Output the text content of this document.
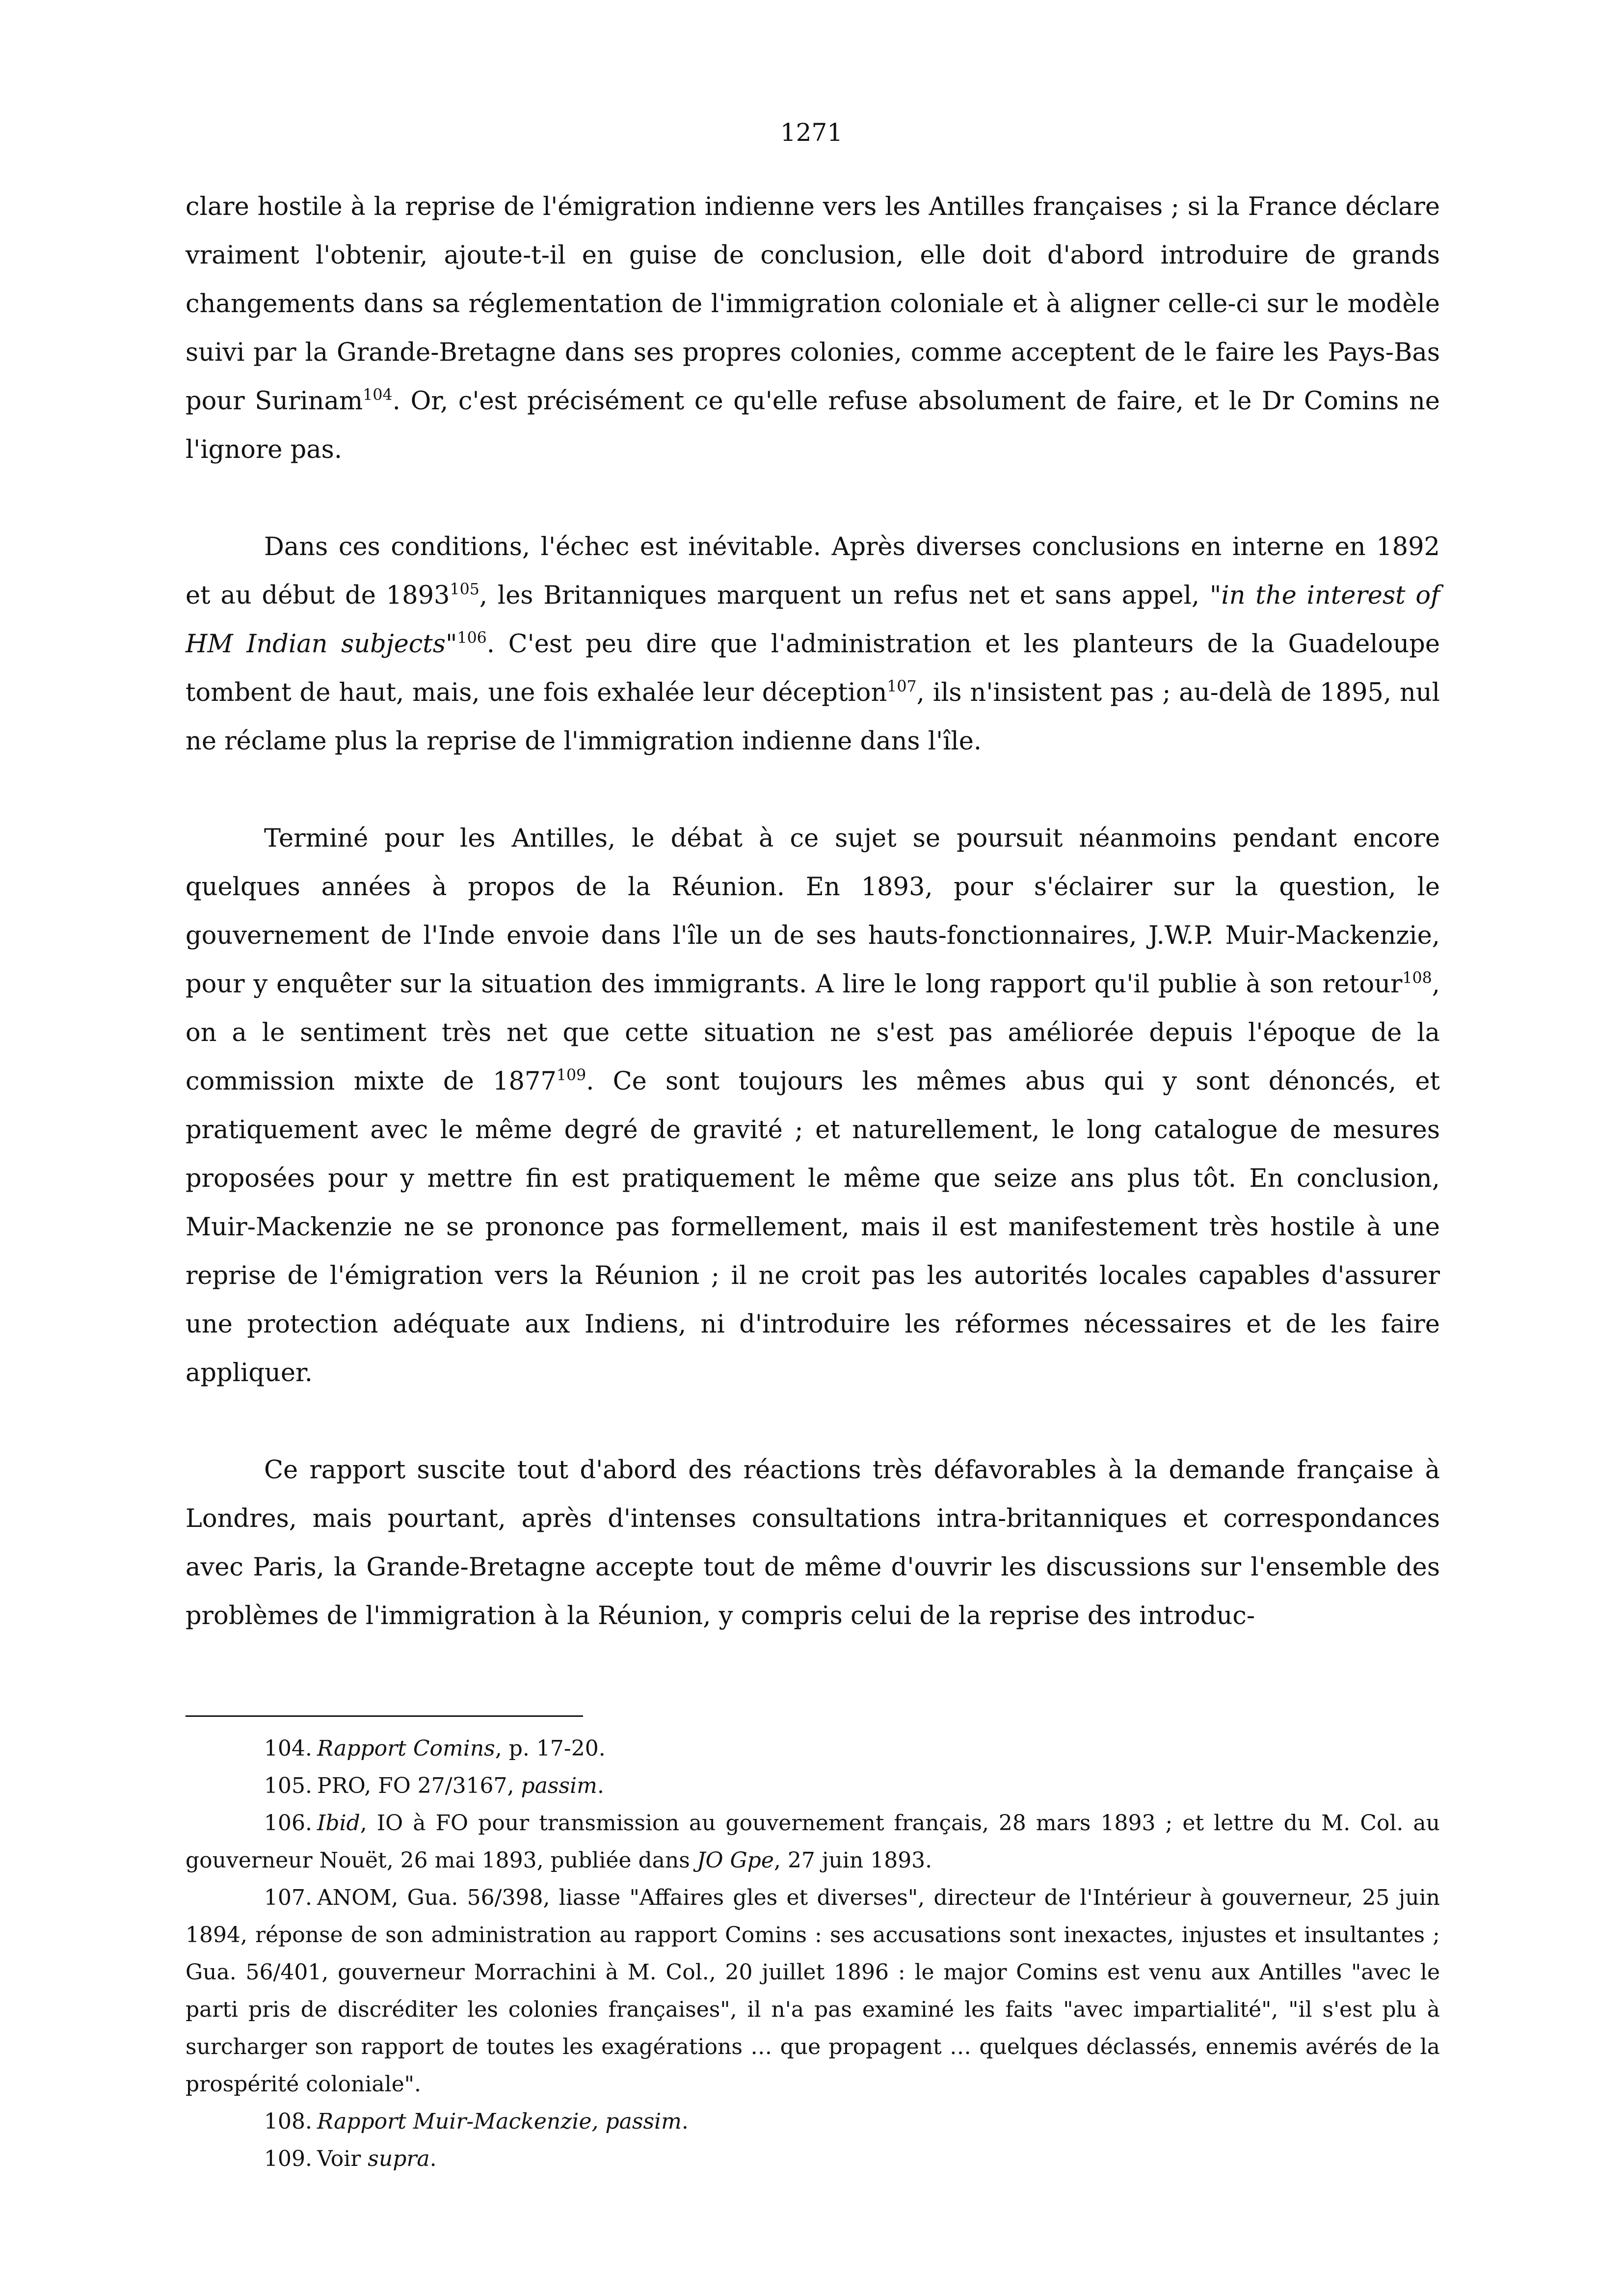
1271

clare hostile à la reprise de l'émigration indienne vers les Antilles françaises ; si la France déclare vraiment l'obtenir, ajoute-t-il en guise de conclusion, elle doit d'abord introduire de grands changements dans sa réglementation de l'immigration coloniale et à aligner celle-ci sur le modèle suivi par la Grande-Bretagne dans ses propres colonies, comme acceptent de le faire les Pays-Bas pour Surinam$^{104}$. Or, c'est précisément ce qu'elle refuse absolument de faire, et le Dr Comins ne l'ignore pas.

Dans ces conditions, l'échec est inévitable. Après diverses conclusions en interne en 1892 et au début de 1893$^{105}$, les Britanniques marquent un refus net et sans appel, "in the interest of HM Indian subjects"$^{106}$. C'est peu dire que l'administration et les planteurs de la Guadeloupe tombent de haut, mais, une fois exhalée leur déception$^{107}$, ils n'insistent pas ; au-delà de 1895, nul ne réclame plus la reprise de l'immigration indienne dans l'île.

Terminé pour les Antilles, le débat à ce sujet se poursuit néanmoins pendant encore quelques années à propos de la Réunion. En 1893, pour s'éclairer sur la question, le gouvernement de l'Inde envoie dans l'île un de ses hauts-fonctionnaires, J.W.P. Muir-Mackenzie, pour y enquêter sur la situation des immigrants. A lire le long rapport qu'il publie à son retour$^{108}$, on a le sentiment très net que cette situation ne s'est pas améliorée depuis l'époque de la commission mixte de 1877$^{109}$. Ce sont toujours les mêmes abus qui y sont dénoncés, et pratiquement avec le même degré de gravité ; et naturellement, le long catalogue de mesures proposées pour y mettre fin est pratiquement le même que seize ans plus tôt. En conclusion, Muir-Mackenzie ne se prononce pas formellement, mais il est manifestement très hostile à une reprise de l'émigration vers la Réunion ; il ne croit pas les autorités locales capables d'assurer une protection adéquate aux Indiens, ni d'introduire les réformes nécessaires et de les faire appliquer.

Ce rapport suscite tout d'abord des réactions très défavorables à la demande française à Londres, mais pourtant, après d'intenses consultations intra-britanniques et correspondances avec Paris, la Grande-Bretagne accepte tout de même d'ouvrir les discussions sur l'ensemble des problèmes de l'immigration à la Réunion, y compris celui de la reprise des introduc-

104. Rapport Comins, p. 17-20.

105. PRO, FO 27/3167, passim.

106. Ibid, IO à FO pour transmission au gouvernement français, 28 mars 1893 ; et lettre du M. Col. au gouverneur Nouët, 26 mai 1893, publiée dans JO Gpe, 27 juin 1893.

107. ANOM, Gua. 56/398, liasse "Affaires gles et diverses", directeur de l'Intérieur à gouverneur, 25 juin 1894, réponse de son administration au rapport Comins : ses accusations sont inexactes, injustes et insultantes ; Gua. 56/401, gouverneur Morrachini à M. Col., 20 juillet 1896 : le major Comins est venu aux Antilles "avec le parti pris de discréditer les colonies françaises", il n'a pas examiné les faits "avec impartialité", "il s'est plu à surcharger son rapport de toutes les exagérations … que propagent … quelques déclassés, ennemis avérés de la prospérité coloniale".

108. Rapport Muir-Mackenzie, passim.

109. Voir supra.
